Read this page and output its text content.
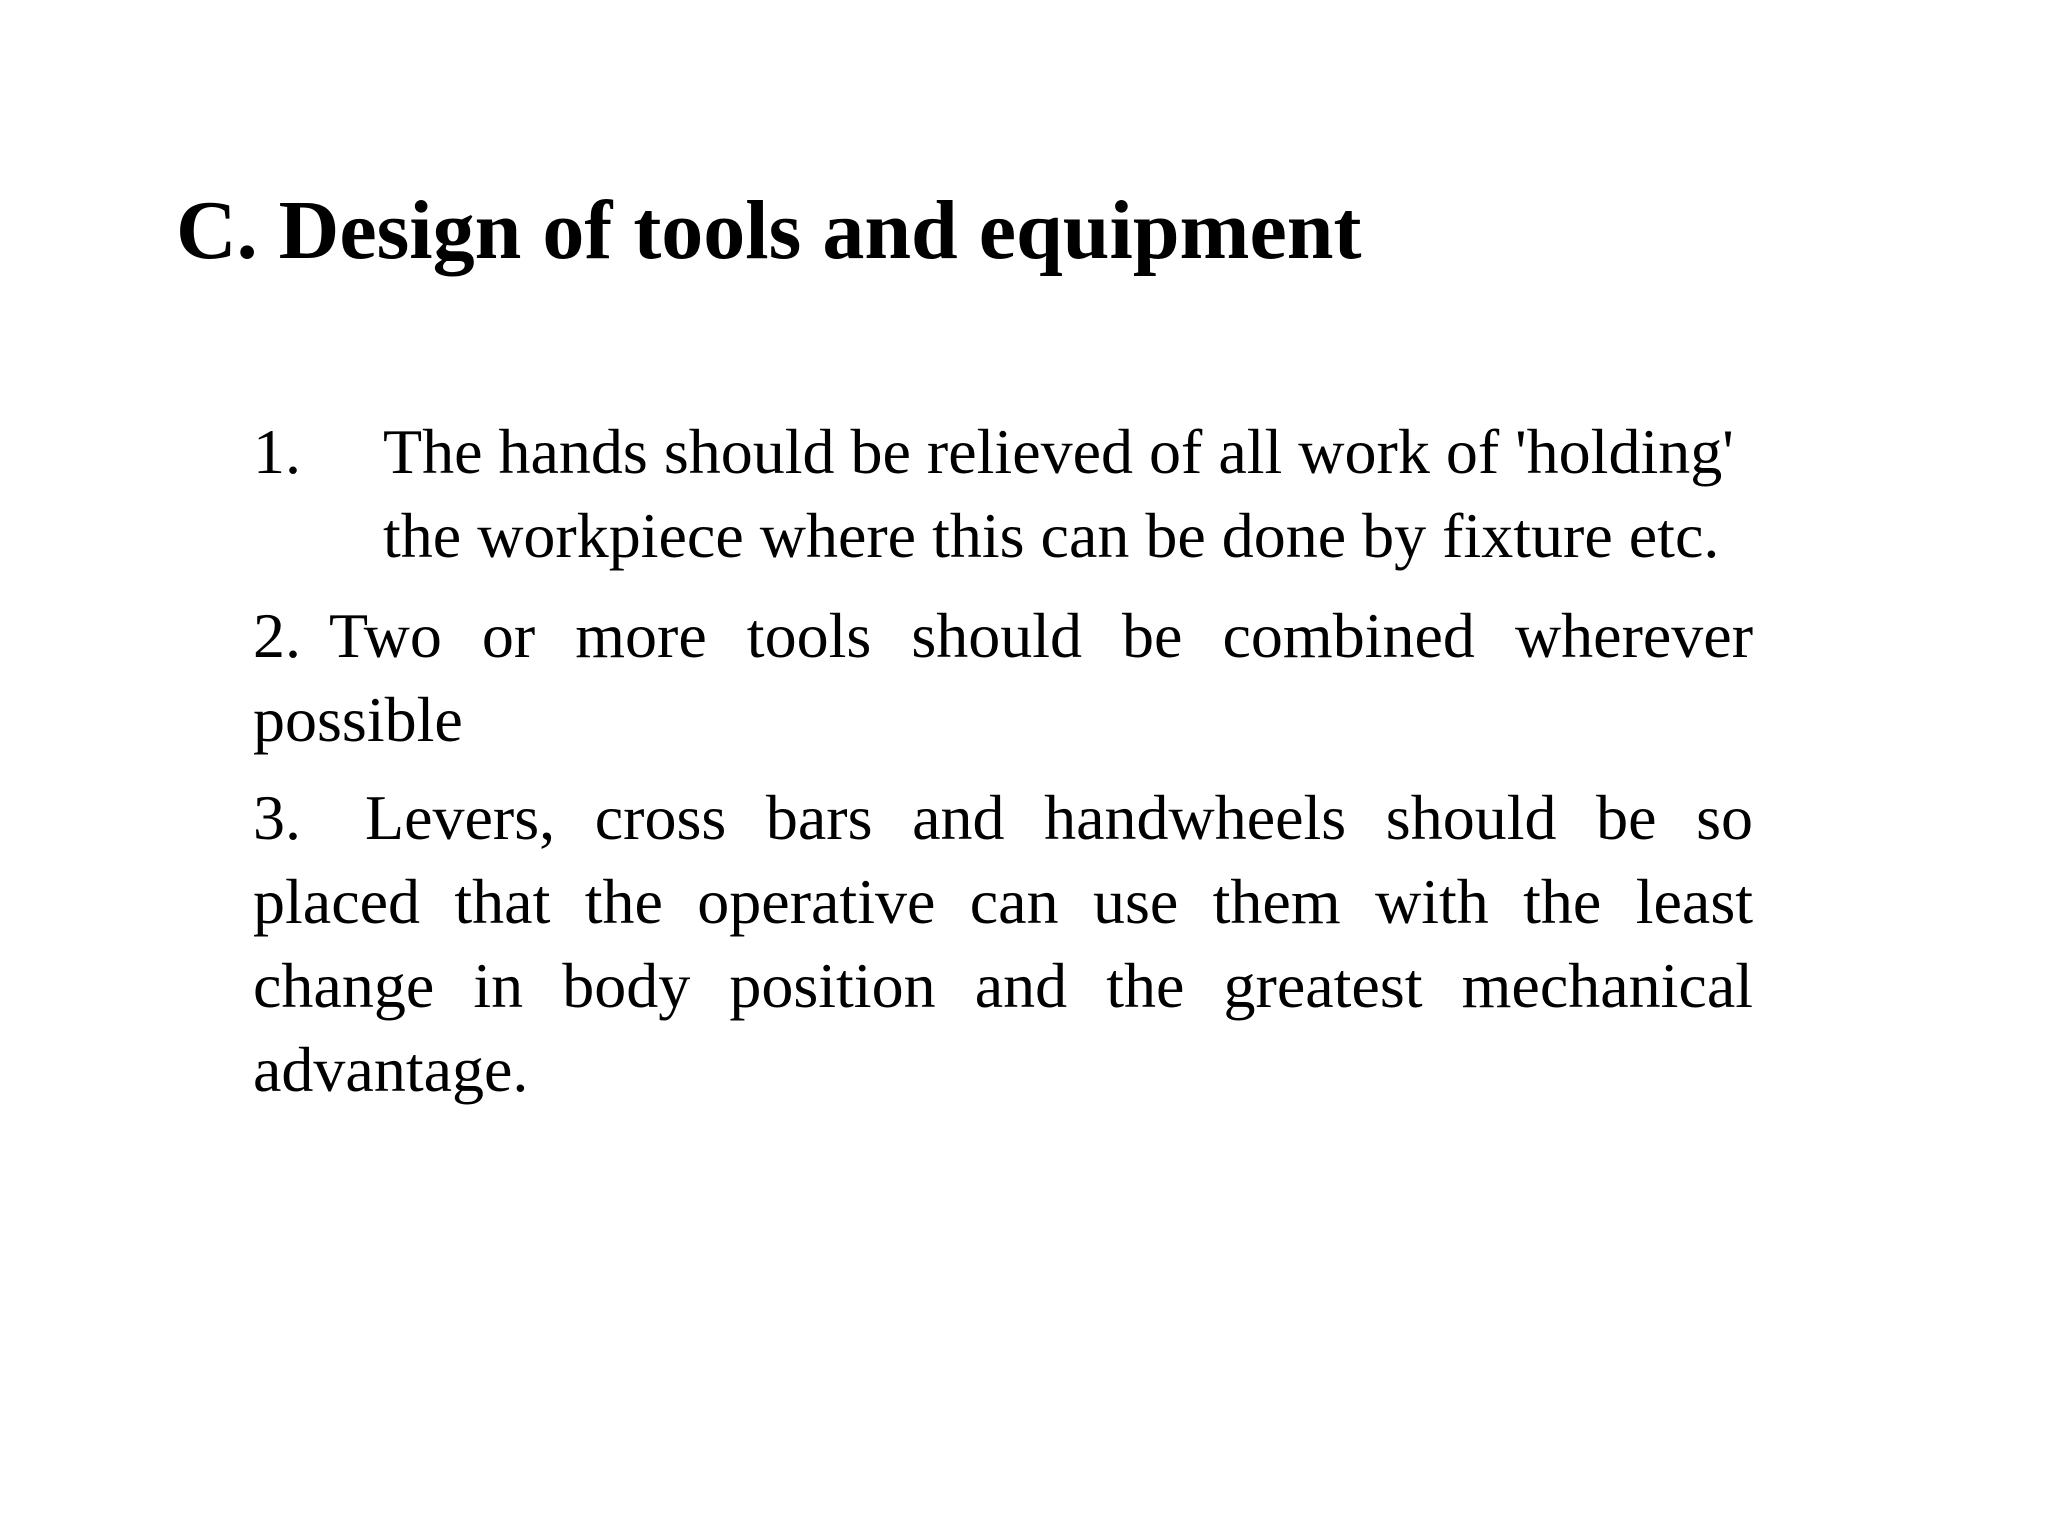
C. Design of tools and equipment
1. The hands should be relieved of all work of 'holding'
the workpiece where this can be done by fixture etc.

2. Two or more tools should be combined wherever possible

3. Levers, cross bars and handwheels should be so placed that the operative can use them with the least change in body position and the greatest mechanical advantage.
